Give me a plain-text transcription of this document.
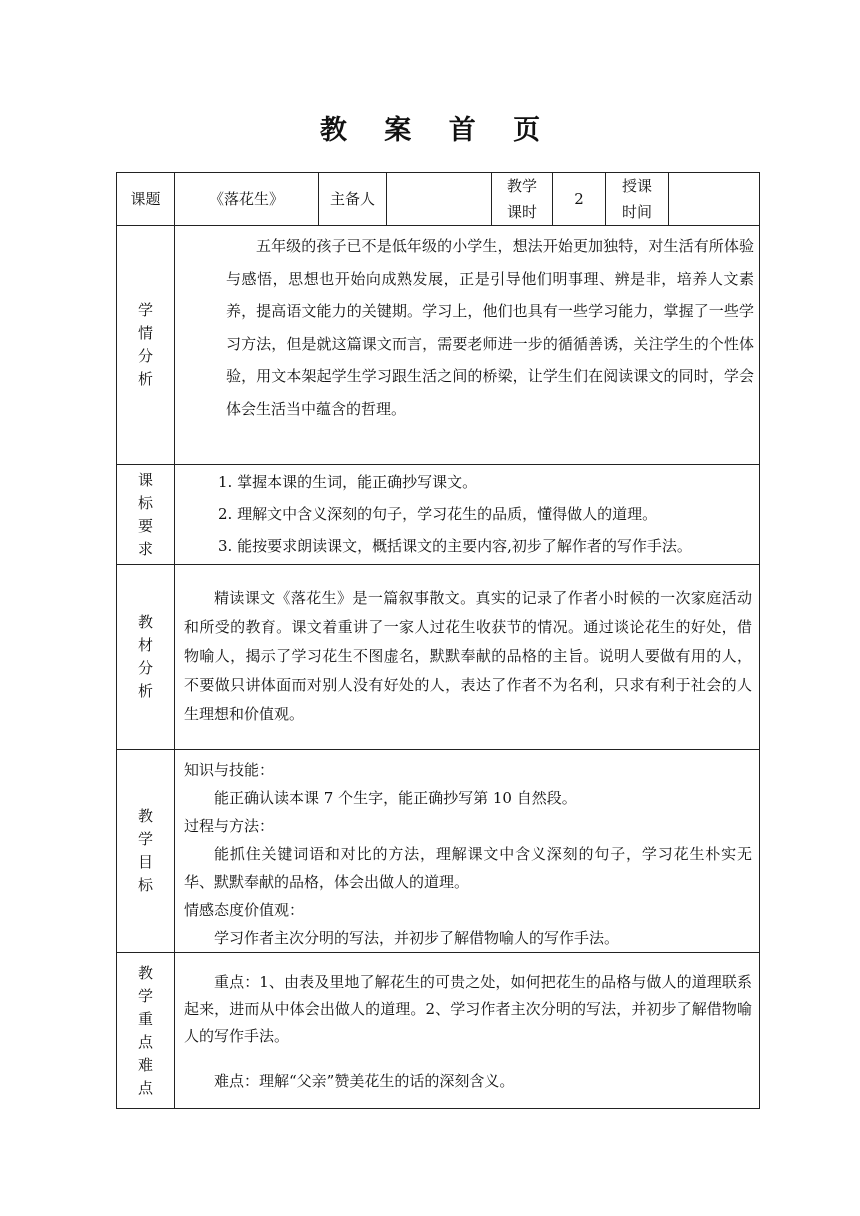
教 案 首 页
课题	《落花生》	主备人
教学
课时
2
授课
时间
学情分析

五年级的孩子已不是低年级的小学生，想法开始更加独特，对生活有所体验与感悟，思想也开始向成熟发展，正是引导他们明事理、辨是非，培养人文素养，提高语文能力的关键期。学习上，他们也具有一些学习能力，掌握了一些学习方法，但是就这篇课文而言，需要老师进一步的循循善诱，关注学生的个性体验，用文本架起学生学习跟生活之间的桥梁，让学生们在阅读课文的同时，学会体会生活当中蕴含的哲理。

课标要求
1. 掌握本课的生词，能正确抄写课文。
2. 理解文中含义深刻的句子，学习花生的品质，懂得做人的道理。
3. 能按要求朗读课文，概括课文的主要内容,初步了解作者的写作手法。
教材分析

精读课文《落花生》是一篇叙事散文。真实的记录了作者小时候的一次家庭活动和所受的教育。课文着重讲了一家人过花生收获节的情况。通过谈论花生的好处，借物喻人，揭示了学习花生不图虚名，默默奉献的品格的主旨。说明人要做有用的人，不要做只讲体面而对别人没有好处的人，表达了作者不为名利，只求有利于社会的人生理想和价值观。

教学目标
知识与技能：
能正确认读本课 7 个生字，能正确抄写第 10 自然段。
过程与方法：
能抓住关键词语和对比的方法，理解课文中含义深刻的句子，学习花生朴实无华、默默奉献的品格，体会出做人的道理。
情感态度价值观：
学习作者主次分明的写法，并初步了解借物喻人的写作手法。
教学重点难点

重点：1、由表及里地了解花生的可贵之处，如何把花生的品格与做人的道理联系起来，进而从中体会出做人的道理。2、学习作者主次分明的写法，并初步了解借物喻人的写作手法。

难点：理解“父亲”赞美花生的话的深刻含义。
